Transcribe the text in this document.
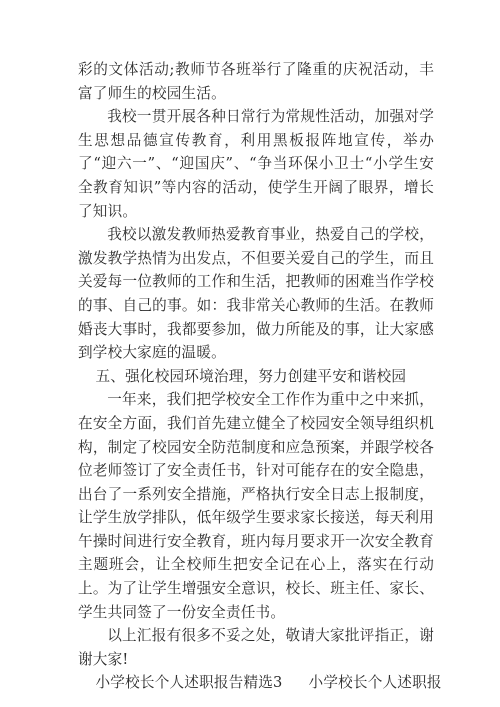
彩的文体活动;教师节各班举行了隆重的庆祝活动，丰富了师生的校园生活。

我校一贯开展各种日常行为常规性活动，加强对学生思想品德宣传教育，利用黑板报阵地宣传，举办了“迎六一”、“迎国庆”、“争当环保小卫士“小学生安全教育知识”等内容的活动，使学生开阔了眼界，增长了知识。

我校以激发教师热爱教育事业，热爱自己的学校，激发教学热情为出发点，不但要关爱自己的学生，而且关爱每一位教师的工作和生活，把教师的困难当作学校的事、自己的事。如：我非常关心教师的生活。在教师婚丧大事时，我都要参加，做力所能及的事，让大家感到学校大家庭的温暖。

五、强化校园环境治理，努力创建平安和谐校园

一年来，我们把学校安全工作作为重中之中来抓，在安全方面，我们首先建立健全了校园安全领导组织机构，制定了校园安全防范制度和应急预案，并跟学校各位老师签订了安全责任书，针对可能存在的安全隐患，出台了一系列安全措施，严格执行安全日志上报制度，让学生放学排队，低年级学生要求家长接送，每天利用午操时间进行安全教育，班内每月要求开一次安全教育主题班会，让全校师生把安全记在心上，落实在行动上。为了让学生增强安全意识，校长、班主任、家长、学生共同签了一份安全责任书。

以上汇报有很多不妥之处，敬请大家批评指正，谢谢大家!

小学校长个人述职报告精选3 小学校长个人述职报
